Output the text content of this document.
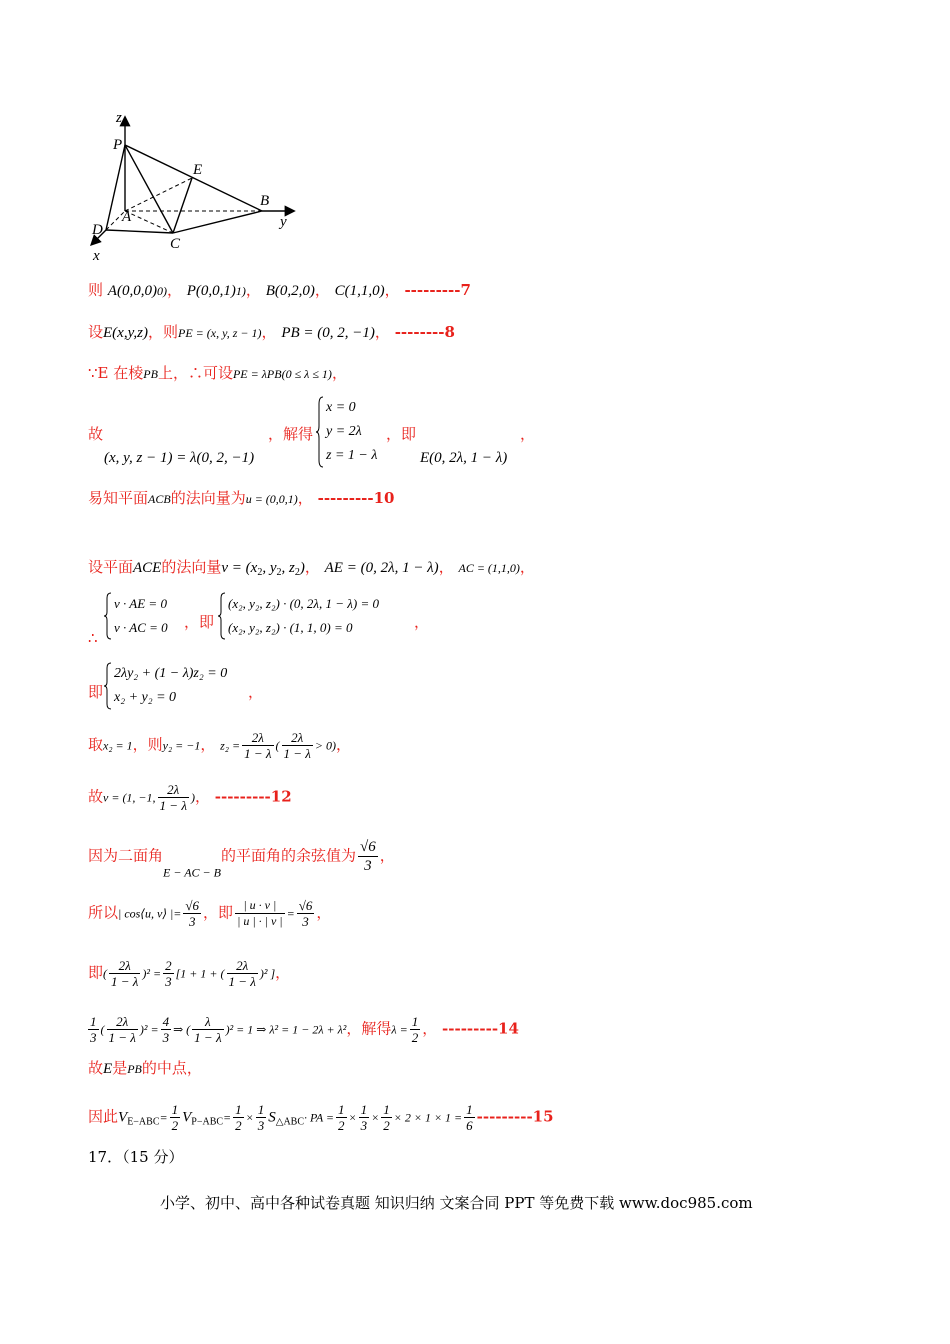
z
P
E
B
y
A
D
C
x
则 A(0,0,0)0)， P(0,0,1)1)， B(0,2,0)， C(1,1,0)， ---------7
设E(x,y,z)，则PE = (x, y, z − 1)， PB = (0, 2, −1)， --------8
∵E 在棱PB上，∴可设PE = λPB(0 ≤ λ ≤ 1)，
故
(x, y, z − 1) = λ(0, 2, −1)
，解得
x = 0
y = 2λ
z = 1 − λ
，即
E(0, 2λ, 1 − λ)
，
易知平面ACB的法向量为u = (0,0,1)， ---------10
设平面ACE的法向量$v = (x_2$, $y_2$, $z_2$)， AE = (0, 2λ, 1 − λ)， AC = (1,1,0)，
∴
v · AE = 0
v · AC = 0 ，即
(x₂, y₂, z₂) · (0, 2λ, 1 − λ) = 0
(x₂, y₂, z₂) · (1, 1, 0) = 0	，
即
2λy₂ + (1 − λ)z₂ = 0
x₂ + y₂ = 0	，
取x₂ = 1，则y₂ = −1， $z_2 = \frac{2\lambda}{1 - \lambda}$ ( $\frac{2\lambda}{1 - \lambda} > 0$)，
故v = (1, −1, $\frac{2\lambda}{1 - \lambda}$ )， ---------12
因为二面角$_{E - AC - B}$的平面角的余弦值为 $\frac{√6}{3}$ ，
所以| cos⟨u, v⟩ |= $\frac{√6}{3}$ ，即 $\frac{| u \cdot v |}{| u | \cdot | v |} = \frac{√6}{3}$ ，
即( $\frac{2\lambda}{1 - \lambda} )^2 = \frac{2}{3} [1 + 1$ + ( $\frac{2\lambda}{1 - \lambda} )^2$ ]，
$\frac{1}{3}$ ( $\frac{2\lambda}{1 - \lambda} )^2 = \frac{4}{3}$ ⇒ ( $\frac{\lambda}{1 - \lambda} )^2 = 1$ ⇒ λ² = 1 − 2λ + λ²，解得$\lambda = \frac{1}{2}$ ， ---------14
故E是PB的中点，
因此$V_{E-ABC}= \frac{1}{2} V_{P-ABC}= \frac{1}{2} \times \frac{1}{3} S_{\triangle ABC}\cdot$ PA = $\frac{1}{2} \times \frac{1}{3} \times \frac{1}{2} \times 2 \times 1 \times 1 = \frac{1}{6} ---------15$
17．（15 分）
小学、初中、高中各种试卷真题 知识归纳 文案合同 PPT 等免费下载 www.doc985.com
